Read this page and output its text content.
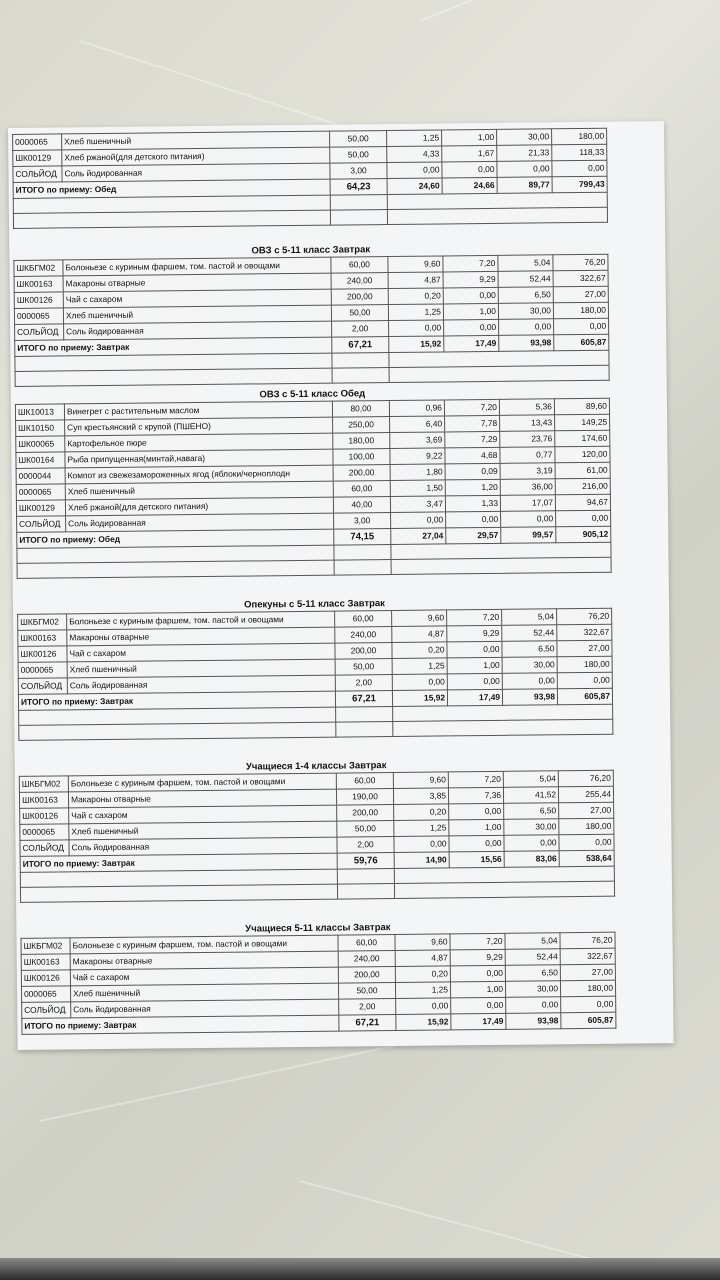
0000065	Хлеб пшеничный	50,00	1,25	1,00	30,00	180,00
ШК00129	Хлеб ржаной(для детского питания)	50,00	4,33	1,67	21,33	118,33
СОЛЬЙОД	Соль йодированная	3,00	0,00	0,00	0,00	0,00
ИТОГО по приему: Обед		64,23	24,60	24,66	89,77	799,43

ОВЗ с 5-11 класс Завтрак
ШКБГМ02	Болоньезе с куриным фаршем, том. пастой и овощами	60,00	9,60	7,20	5,04	76,20
ШК00163	Макароны отварные	240,00	4,87	9,29	52,44	322,67
ШК00126	Чай с сахаром	200,00	0,20	0,00	6,50	27,00
0000065	Хлеб пшеничный	50,00	1,25	1,00	30,00	180,00
СОЛЬЙОД	Соль йодированная	2,00	0,00	0,00	0,00	0,00
ИТОГО по приему: Завтрак		67,21	15,92	17,49	93,98	605,87

ОВЗ с 5-11 класс Обед
ШК10013	Винегрет с растительным маслом	80,00	0,96	7,20	5,36	89,60
ШК10150	Суп крестьянский с крупой (ПШЕНО)	250,00	6,40	7,78	13,43	149,25
ШК00065	Картофельное пюре	180,00	3,69	7,29	23,76	174,60
ШК00164	Рыба припущенная(минтай,навага)	100,00	9,22	4,68	0,77	120,00
0000044	Компот из свежезамороженных ягод (яблоки/черноплодн	200,00	1,80	0,09	3,19	61,00
0000065	Хлеб пшеничный	60,00	1,50	1,20	36,00	216,00
ШК00129	Хлеб ржаной(для детского питания)	40,00	3,47	1,33	17,07	94,67
СОЛЬЙОД	Соль йодированная	3,00	0,00	0,00	0,00	0,00
ИТОГО по приему: Обед		74,15	27,04	29,57	99,57	905,12

Опекуны с 5-11 класс Завтрак
ШКБГМ02	Болоньезе с куриным фаршем, том. пастой и овощами	60,00	9,60	7,20	5,04	76,20
ШК00163	Макароны отварные	240,00	4,87	9,29	52,44	322,67
ШК00126	Чай с сахаром	200,00	0,20	0,00	6,50	27,00
0000065	Хлеб пшеничный	50,00	1,25	1,00	30,00	180,00
СОЛЬЙОД	Соль йодированная	2,00	0,00	0,00	0,00	0,00
ИТОГО по приему: Завтрак		67,21	15,92	17,49	93,98	605,87

Учащиеся 1-4 классы Завтрак
ШКБГМ02	Болоньезе с куриным фаршем, том. пастой и овощами	60,00	9,60	7,20	5,04	76,20
ШК00163	Макароны отварные	190,00	3,85	7,36	41,52	255,44
ШК00126	Чай с сахаром	200,00	0,20	0,00	6,50	27,00
0000065	Хлеб пшеничный	50,00	1,25	1,00	30,00	180,00
СОЛЬЙОД	Соль йодированная	2,00	0,00	0,00	0,00	0,00
ИТОГО по приему: Завтрак		59,76	14,90	15,56	83,06	538,64

Учащиеся 5-11 классы Завтрак
ШКБГМ02	Болоньезе с куриным фаршем, том. пастой и овощами	60,00	9,60	7,20	5,04	76,20
ШК00163	Макароны отварные	240,00	4,87	9,29	52,44	322,67
ШК00126	Чай с сахаром	200,00	0,20	0,00	6,50	27,00
0000065	Хлеб пшеничный	50,00	1,25	1,00	30,00	180,00
СОЛЬЙОД	Соль йодированная	2,00	0,00	0,00	0,00	0,00
ИТОГО по приему: Завтрак		67,21	15,92	17,49	93,98	605,87
